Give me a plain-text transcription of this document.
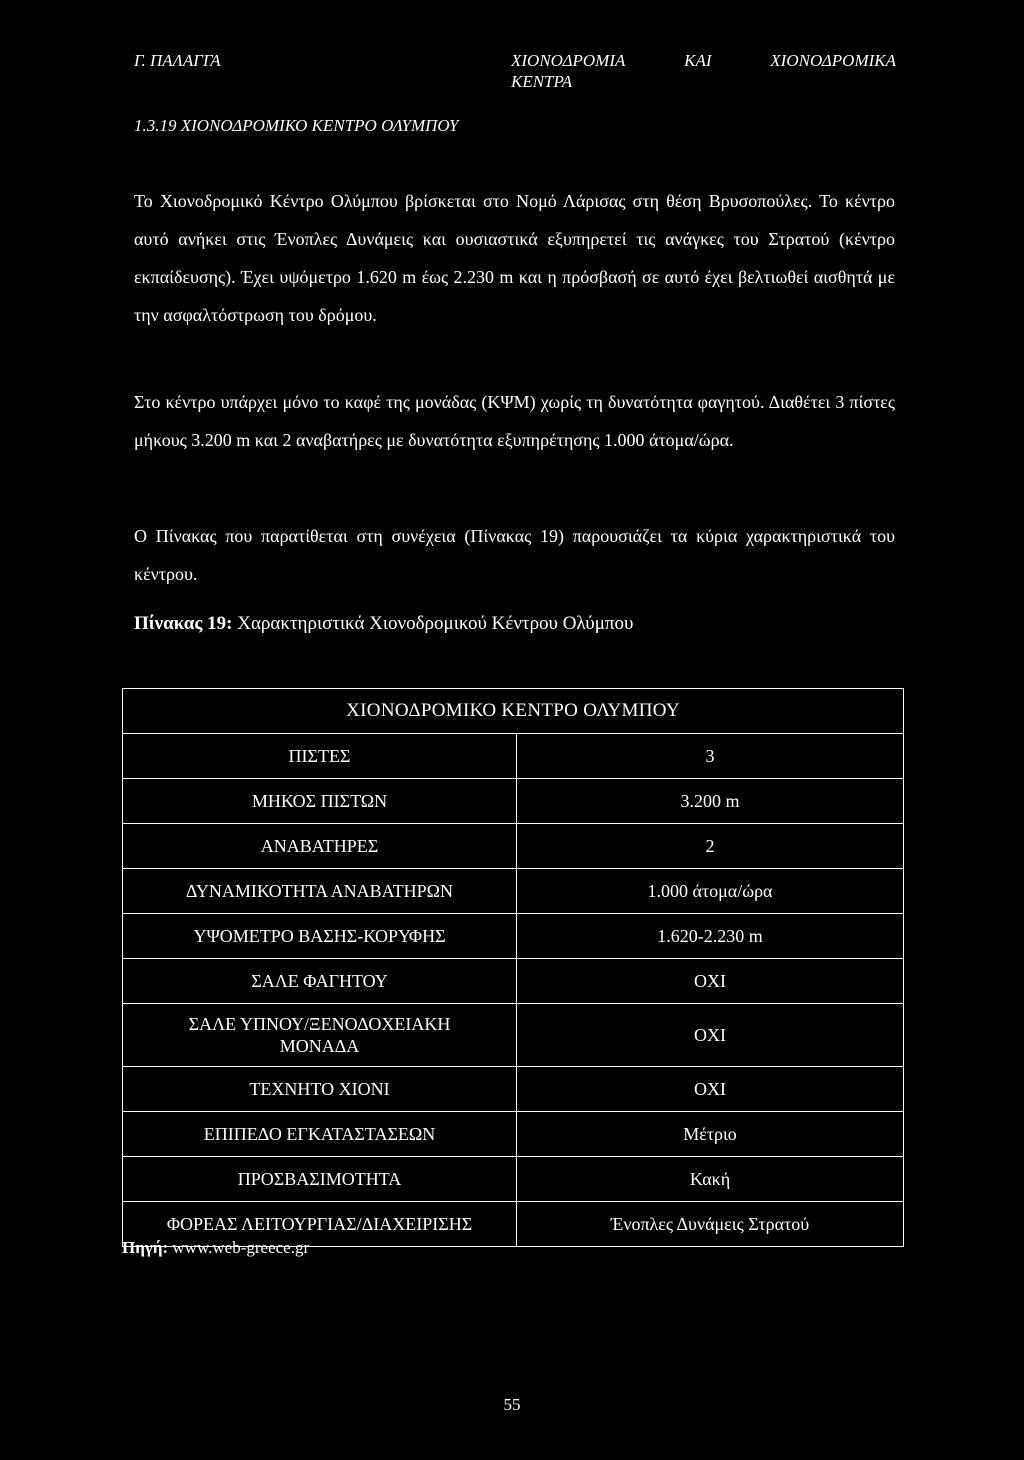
Γ. ΠΑΛΑΓΓΑ	ΧΙΟΝΟΔΡΟΜΙΑ	ΚΑΙ	ΧΙΟΝΟΔΡΟΜΙΚΑ
ΚΕΝΤΡΑ
1.3.19 ΧΙΟΝΟΔΡΟΜΙΚΟ ΚΕΝΤΡΟ ΟΛΥΜΠΟΥ

Το Χιονοδρομικό Κέντρο Ολύμπου βρίσκεται στο Νομό Λάρισας στη θέση Βρυσοπούλες. Το κέντρο αυτό ανήκει στις Ένοπλες Δυνάμεις και ουσιαστικά εξυπηρετεί τις ανάγκες του Στρατού (κέντρο εκπαίδευσης). Έχει υψόμετρο 1.620 m έως 2.230 m και η πρόσβασή σε αυτό έχει βελτιωθεί αισθητά με την ασφαλτόστρωση του δρόμου.

Στο κέντρο υπάρχει μόνο το καφέ της μονάδας (ΚΨΜ) χωρίς τη δυνατότητα φαγητού. Διαθέτει 3 πίστες μήκους 3.200 m και 2 αναβατήρες με δυνατότητα εξυπηρέτησης 1.000 άτομα/ώρα.

Ο Πίνακας που παρατίθεται στη συνέχεια (Πίνακας 19) παρουσιάζει τα κύρια χαρακτηριστικά του κέντρου.

Πίνακας 19: Χαρακτηριστικά Χιονοδρομικού Κέντρου Ολύμπου
ΧΙΟΝΟΔΡΟΜΙΚΟ ΚΕΝΤΡΟ ΟΛΥΜΠΟΥ	
ΠΙΣΤΕΣ	3
ΜΗΚΟΣ ΠΙΣΤΩΝ	3.200 m
ΑΝΑΒΑΤΗΡΕΣ	2
ΔΥΝΑΜΙΚΟΤΗΤΑ ΑΝΑΒΑΤΗΡΩΝ	1.000 άτομα/ώρα
ΥΨΟΜΕΤΡΟ ΒΑΣΗΣ-ΚΟΡΥΦΗΣ	1.620-2.230 m
ΣΑΛΕ ΦΑΓΗΤΟΥ	ΟΧΙ

ΣΑΛΕ ΥΠΝΟΥ/ΞΕΝΟΔΟΧΕΙΑΚΗ ΜΟΝΑΔΑ	ΟΧΙ
ΤΕΧΝΗΤΟ ΧΙΟΝΙ	ΟΧΙ
ΕΠΙΠΕΔΟ ΕΓΚΑΤΑΣΤΑΣΕΩΝ	Μέτριο
ΠΡΟΣΒΑΣΙΜΟΤΗΤΑ	Κακή
ΦΟΡΕΑΣ ΛΕΙΤΟΥΡΓΙΑΣ/ΔΙΑΧΕΙΡΙΣΗΣ	Ένοπλες Δυνάμεις Στρατού
Πηγή: www.web-greece.gr
55
